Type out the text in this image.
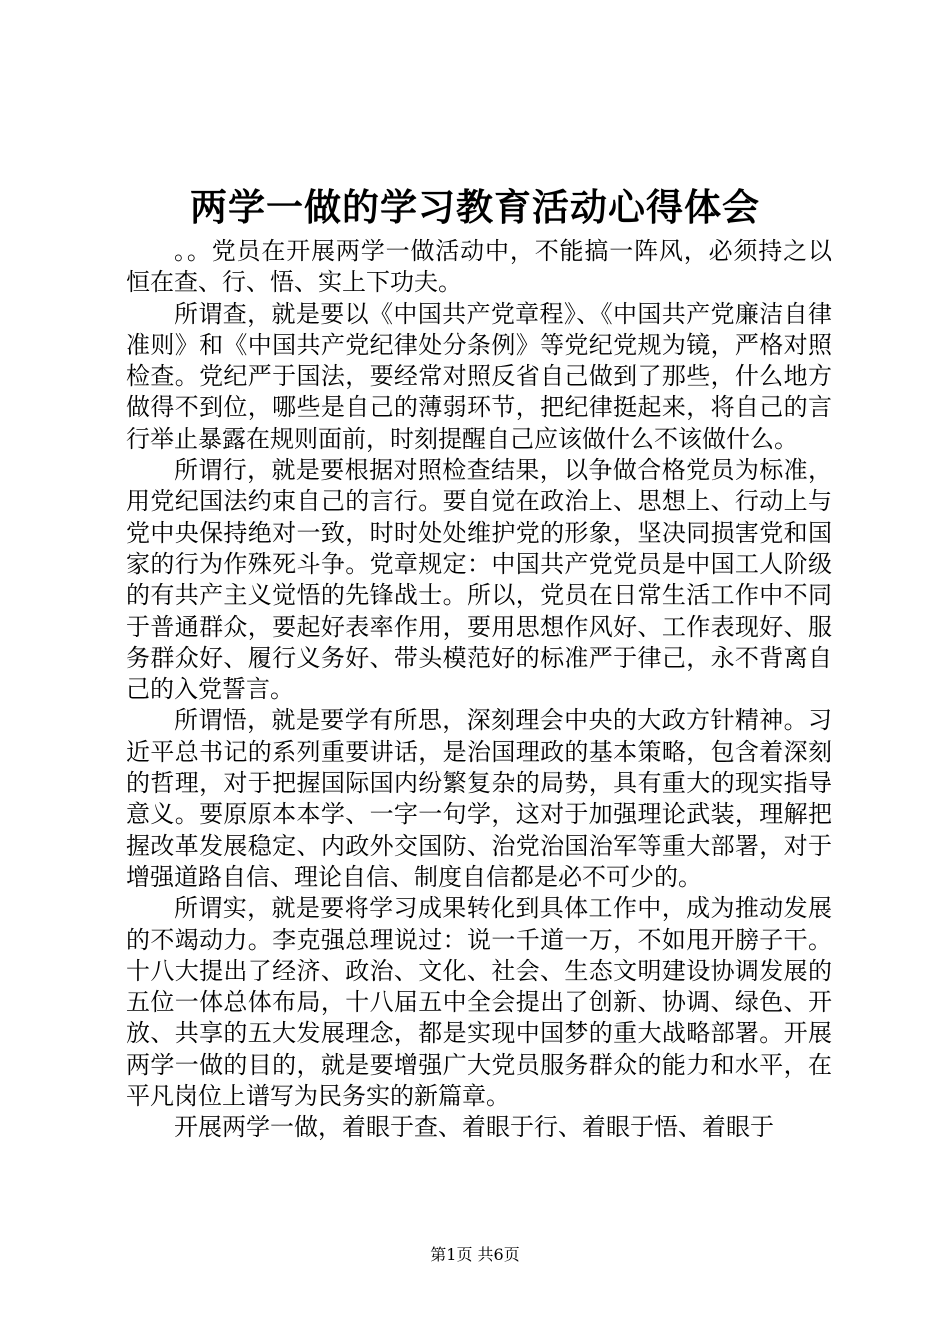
两学一做的学习教育活动心得体会

。。党员在开展两学一做活动中，不能搞一阵风，必须持之以恒在查、行、悟、实上下功夫。

所谓查，就是要以《中国共产党章程》、《中国共产党廉洁自律准则》和《中国共产党纪律处分条例》等党纪党规为镜，严格对照检查。党纪严于国法，要经常对照反省自己做到了那些，什么地方做得不到位，哪些是自己的薄弱环节，把纪律挺起来，将自己的言行举止暴露在规则面前，时刻提醒自己应该做什么不该做什么。

所谓行，就是要根据对照检查结果，以争做合格党员为标准，用党纪国法约束自己的言行。要自觉在政治上、思想上、行动上与党中央保持绝对一致，时时处处维护党的形象，坚决同损害党和国家的行为作殊死斗争。党章规定：中国共产党党员是中国工人阶级的有共产主义觉悟的先锋战士。所以，党员在日常生活工作中不同于普通群众，要起好表率作用，要用思想作风好、工作表现好、服务群众好、履行义务好、带头模范好的标准严于律己，永不背离自己的入党誓言。

所谓悟，就是要学有所思，深刻理会中央的大政方针精神。习近平总书记的系列重要讲话，是治国理政的基本策略，包含着深刻的哲理，对于把握国际国内纷繁复杂的局势，具有重大的现实指导意义。要原原本本学、一字一句学，这对于加强理论武装，理解把握改革发展稳定、内政外交国防、治党治国治军等重大部署，对于增强道路自信、理论自信、制度自信都是必不可少的。

所谓实，就是要将学习成果转化到具体工作中，成为推动发展的不竭动力。李克强总理说过：说一千道一万，不如甩开膀子干。十八大提出了经济、政治、文化、社会、生态文明建设协调发展的五位一体总体布局，十八届五中全会提出了创新、协调、绿色、开放、共享的五大发展理念，都是实现中国梦的重大战略部署。开展两学一做的目的，就是要增强广大党员服务群众的能力和水平，在平凡岗位上谱写为民务实的新篇章。

开展两学一做，着眼于查、着眼于行、着眼于悟、着眼于

第1页 共6页
